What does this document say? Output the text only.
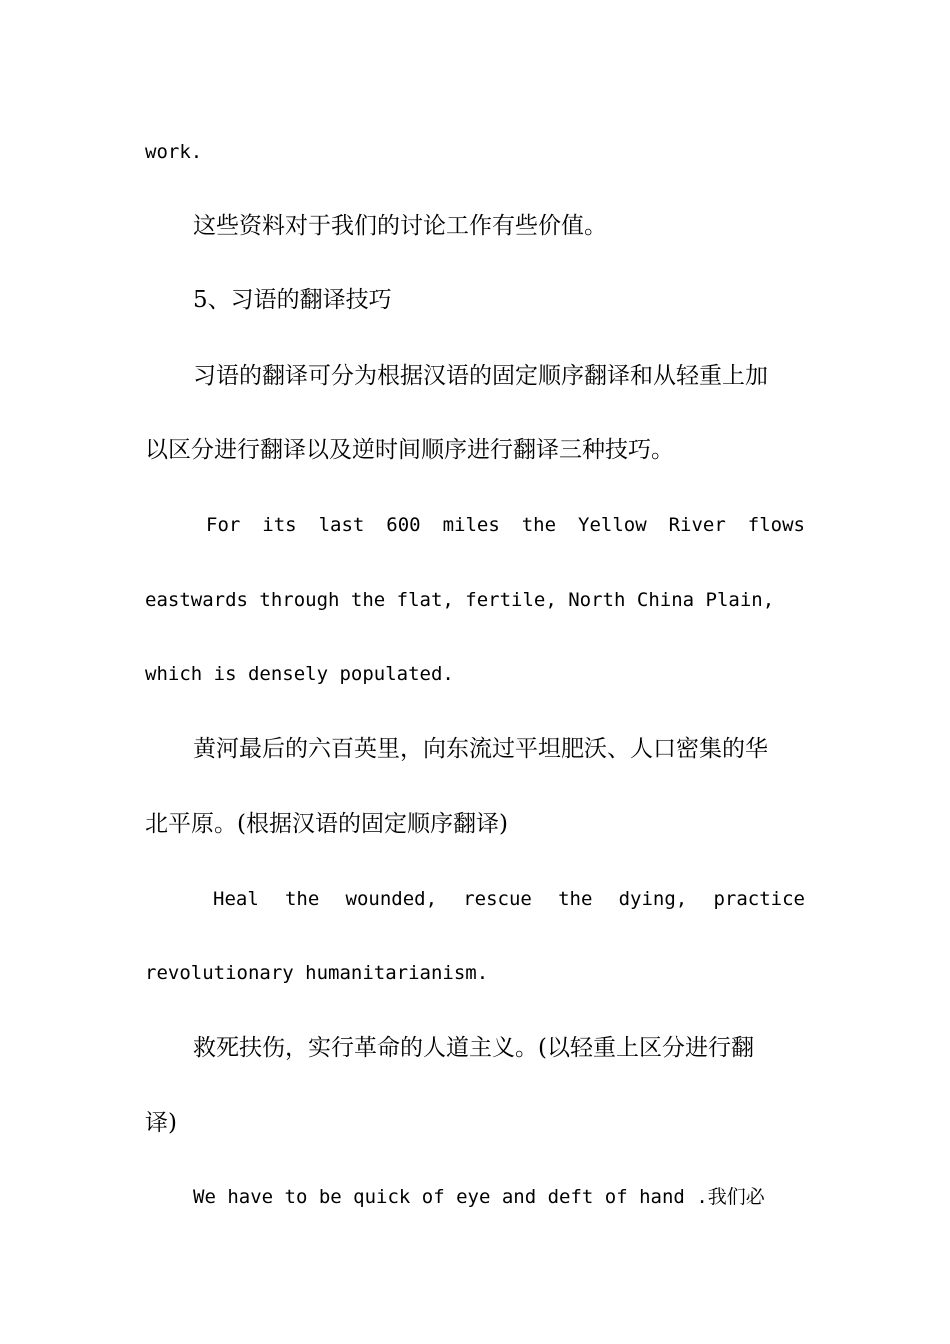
work.
这些资料对于我们的讨论工作有些价值。
5、习语的翻译技巧
习语的翻译可分为根据汉语的固定顺序翻译和从轻重上加
以区分进行翻译以及逆时间顺序进行翻译三种技巧。
For its last 600 miles the Yellow River flows
eastwards through the flat, fertile, North China Plain,
which is densely populated.
黄河最后的六百英里，向东流过平坦肥沃、人口密集的华
北平原。(根据汉语的固定顺序翻译)
Heal the wounded, rescue the dying, practice
revolutionary humanitarianism.
救死扶伤，实行革命的人道主义。(以轻重上区分进行翻
译)
We have to be quick of eye and deft of hand .我们必
